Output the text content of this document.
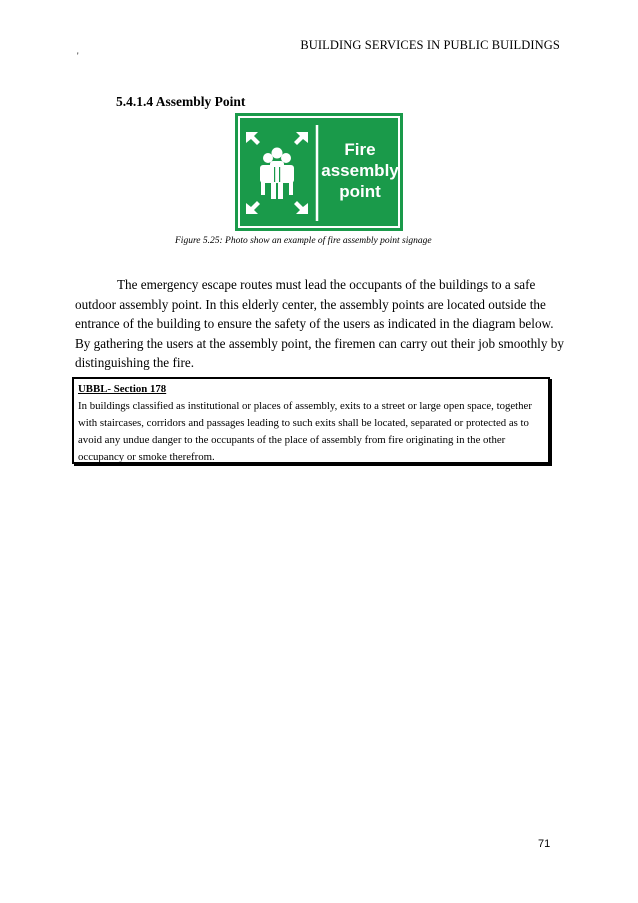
BUILDING SERVICES IN PUBLIC BUILDINGS
'
5.4.1.4 Assembly Point
Fire
assembly
point
Figure 5.25: Photo show an example of fire assembly point signage
The emergency escape routes must lead the occupants of the buildings to a safe outdoor assembly point. In this elderly center, the assembly points are located outside the entrance of the building to ensure the safety of the users as indicated in the diagram below. By gathering the users at the assembly point, the firemen can carry out their job smoothly by distinguishing the fire.
UBBL- Section 178
In buildings classified as institutional or places of assembly, exits to a street or large open space, together with staircases, corridors and passages leading to such exits shall be located, separated or protected as to avoid any undue danger to the occupants of the place of assembly from fire originating in the other occupancy or smoke therefrom.
71
